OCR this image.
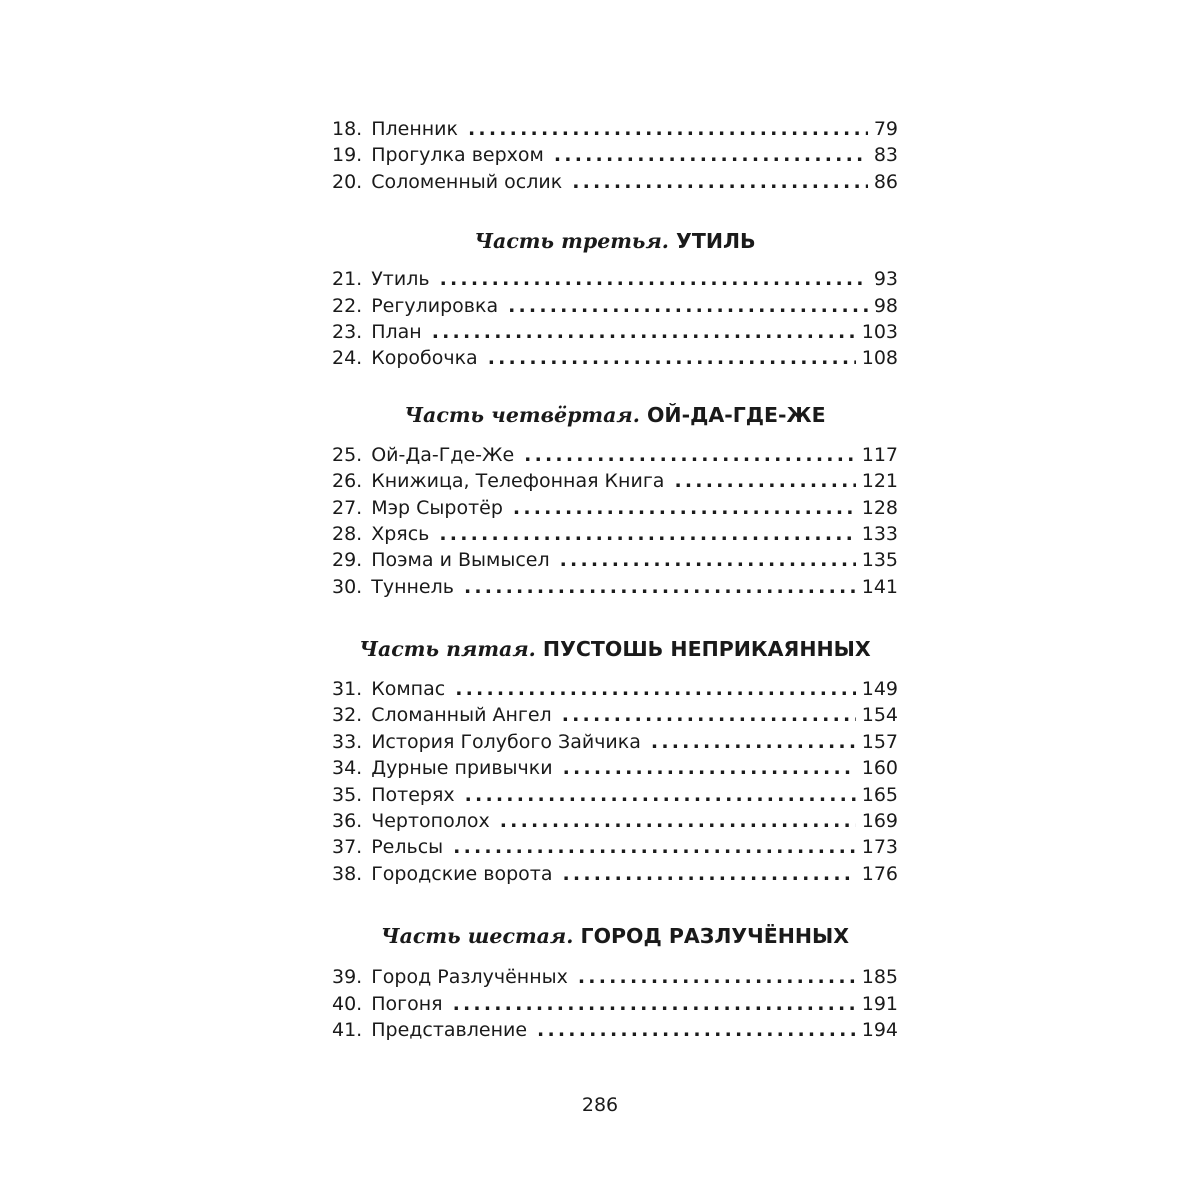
18. Пленник .....	79
19. Прогулка верхом .....	83
20. Соломенный ослик .....	86
Часть третья. УТИЛЬ
21. Утиль .....	93
22. Регулировка .....	98
23. План .....	103
24. Коробочка .....	108
Часть четвёртая. ОЙ-ДА-ГДЕ-ЖЕ
25. Ой-Да-Где-Же .....	117
26. Книжица, Телефонная Книга .....	121
27. Мэр Сыротёр .....	128
28. Хрясь .....	133
29. Поэма и Вымысел .....	135
30. Туннель .....	141
Часть пятая. ПУСТОШЬ НЕПРИКАЯННЫХ
31. Компас .....	149
32. Сломанный Ангел .....	154
33. История Голубого Зайчика .....	157
34. Дурные привычки .....	160
35. Потерях .....	165
36. Чертополох .....	169
37. Рельсы .....	173
38. Городские ворота .....	176
Часть шестая. ГОРОД РАЗЛУЧЁННЫХ
39. Город Разлучённых .....	185
40. Погоня .....	191
41. Представление .....	194
286
